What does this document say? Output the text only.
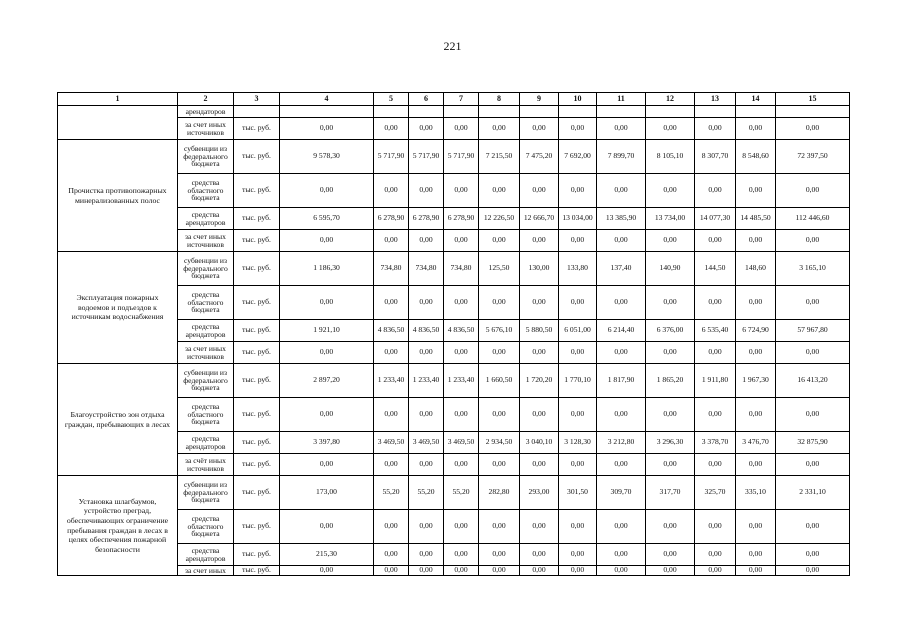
221
1	2	3	4	5	6	7	8	9	10	11	12	13	14	15
	арендаторов													
	за счет иных источников	тыс. руб.	0,00	0,00	0,00	0,00	0,00	0,00	0,00	0,00	0,00	0,00	0,00	0,00
Прочистка противопожарных минерализованных полос	субвенции из федерального бюджета	тыс. руб.	9 578,30	5 717,90	5 717,90	5 717,90	7 215,50	7 475,20	7 692,00	7 899,70	8 105,10	8 307,70	8 548,60	72 397,50
	средства областного бюджета	тыс. руб.	0,00	0,00	0,00	0,00	0,00	0,00	0,00	0,00	0,00	0,00	0,00	0,00
	средства арендаторов	тыс. руб.	6 595,70	6 278,90	6 278,90	6 278,90	12 226,50	12 666,70	13 034,00	13 385,90	13 734,00	14 077,30	14 485,50	112 446,60
	за счет иных источников	тыс. руб.	0,00	0,00	0,00	0,00	0,00	0,00	0,00	0,00	0,00	0,00	0,00	0,00
Эксплуатация пожарных водоемов и подъездов к источникам водоснабжения	субвенции из федерального бюджета	тыс. руб.	1 186,30	734,80	734,80	734,80	125,50	130,00	133,80	137,40	140,90	144,50	148,60	3 165,10
	средства областного бюджета	тыс. руб.	0,00	0,00	0,00	0,00	0,00	0,00	0,00	0,00	0,00	0,00	0,00	0,00
	средства арендаторов	тыс. руб.	1 921,10	4 836,50	4 836,50	4 836,50	5 676,10	5 880,50	6 051,00	6 214,40	6 376,00	6 535,40	6 724,90	57 967,80
	за счет иных источников	тыс. руб.	0,00	0,00	0,00	0,00	0,00	0,00	0,00	0,00	0,00	0,00	0,00	0,00
Благоустройство зон отдыха граждан, пребывающих в лесах	субвенции из федерального бюджета	тыс. руб.	2 897,20	1 233,40	1 233,40	1 233,40	1 660,50	1 720,20	1 770,10	1 817,90	1 865,20	1 911,80	1 967,30	16 413,20
	средства областного бюджета	тыс. руб.	0,00	0,00	0,00	0,00	0,00	0,00	0,00	0,00	0,00	0,00	0,00	0,00
	средства арендаторов	тыс. руб.	3 397,80	3 469,50	3 469,50	3 469,50	2 934,50	3 040,10	3 128,30	3 212,80	3 296,30	3 378,70	3 476,70	32 875,90
	за счёт иных источников	тыс. руб.	0,00	0,00	0,00	0,00	0,00	0,00	0,00	0,00	0,00	0,00	0,00	0,00
Установка шлагбаумов, устройство преград, обеспечивающих ограничение пребывания граждан в лесах в целях обеспечения пожарной безопасности	субвенции из федерального бюджета	тыс. руб.	173,00	55,20	55,20	55,20	282,80	293,00	301,50	309,70	317,70	325,70	335,10	2 331,10
	средства областного бюджета	тыс. руб.	0,00	0,00	0,00	0,00	0,00	0,00	0,00	0,00	0,00	0,00	0,00	0,00
	средства арендаторов	тыс. руб.	215,30	0,00	0,00	0,00	0,00	0,00	0,00	0,00	0,00	0,00	0,00	0,00
	за счет иных	тыс. руб.	0,00	0,00	0,00	0,00	0,00	0,00	0,00	0,00	0,00	0,00	0,00	0,00
